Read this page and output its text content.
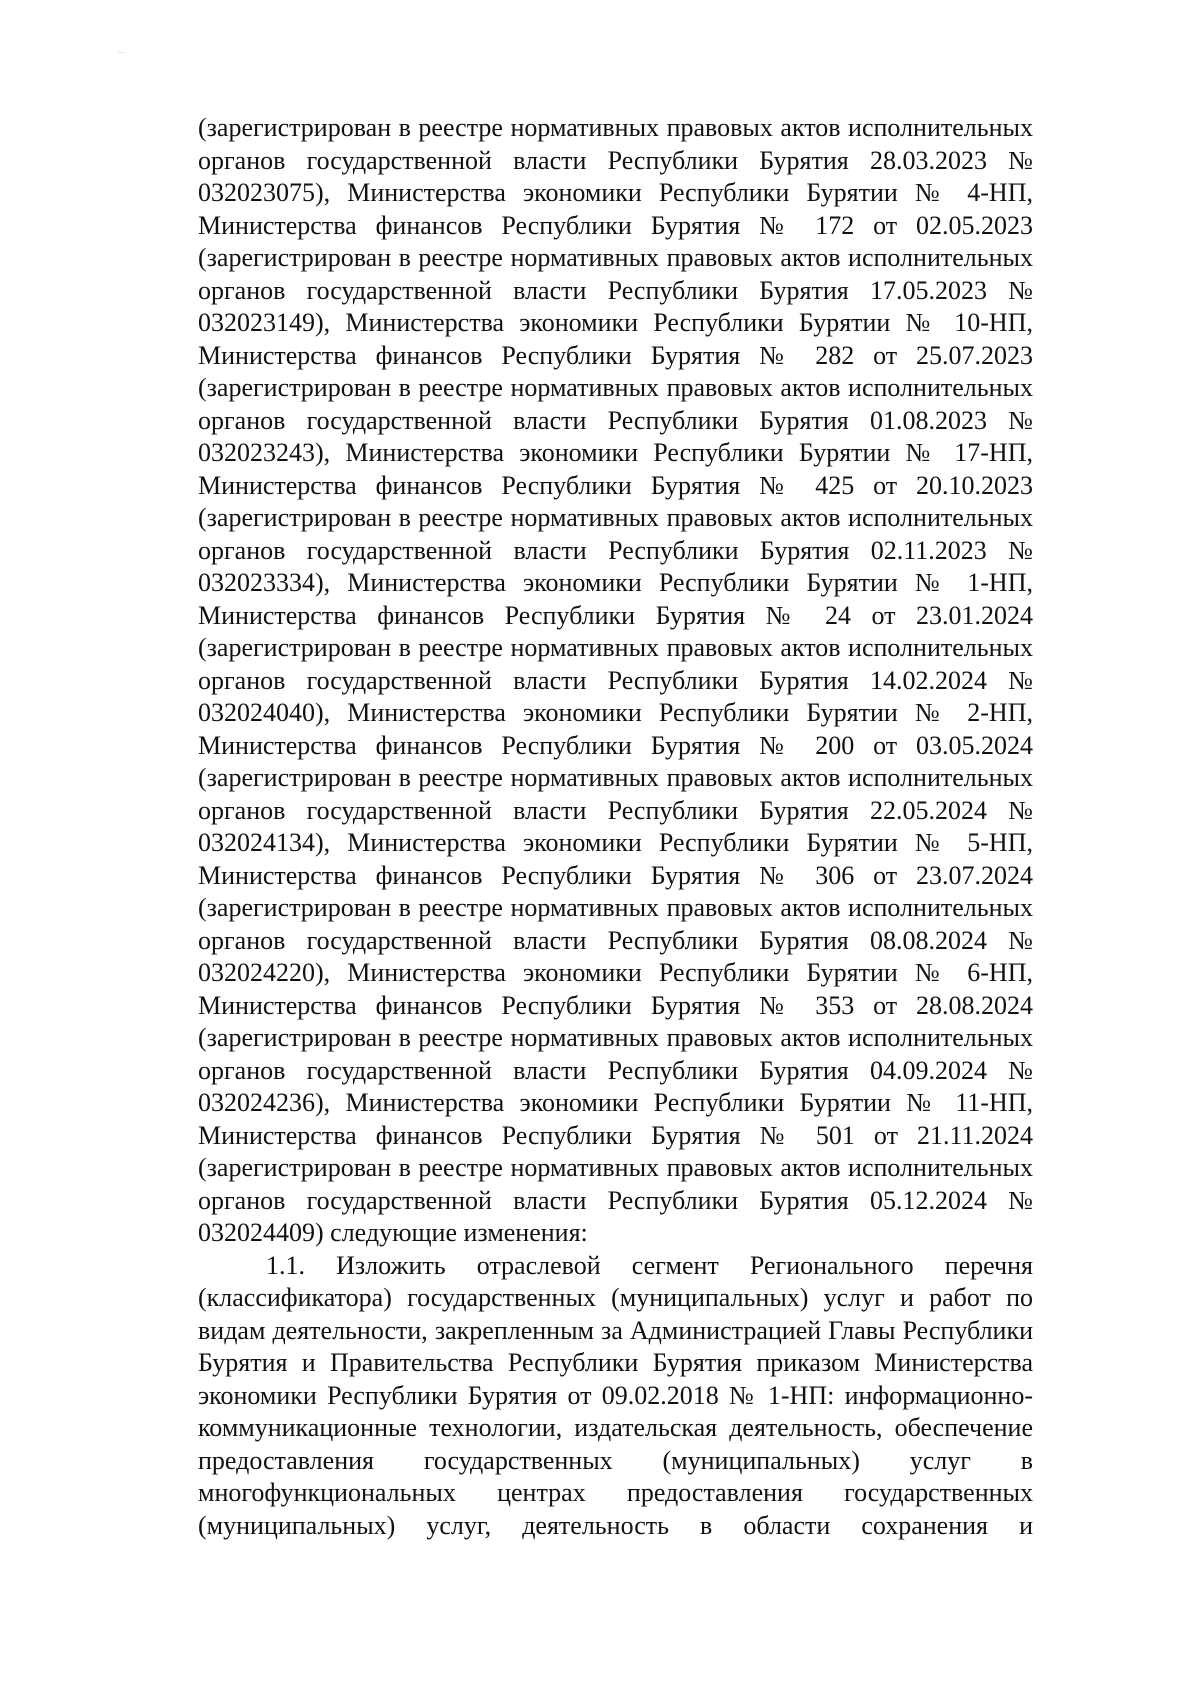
(зарегистрирован в реестре нормативных правовых актов исполнительных
органов государственной власти Республики Бурятия 28.03.2023 №
032023075), Министерства экономики Республики Бурятии № 4-НП,
Министерства финансов Республики Бурятия № 172 от 02.05.2023
(зарегистрирован в реестре нормативных правовых актов исполнительных
органов государственной власти Республики Бурятия 17.05.2023 №
032023149), Министерства экономики Республики Бурятии № 10-НП,
Министерства финансов Республики Бурятия № 282 от 25.07.2023
(зарегистрирован в реестре нормативных правовых актов исполнительных
органов государственной власти Республики Бурятия 01.08.2023 №
032023243), Министерства экономики Республики Бурятии № 17-НП,
Министерства финансов Республики Бурятия № 425 от 20.10.2023
(зарегистрирован в реестре нормативных правовых актов исполнительных
органов государственной власти Республики Бурятия 02.11.2023 №
032023334), Министерства экономики Республики Бурятии № 1-НП,
Министерства финансов Республики Бурятия № 24 от 23.01.2024
(зарегистрирован в реестре нормативных правовых актов исполнительных
органов государственной власти Республики Бурятия 14.02.2024 №
032024040), Министерства экономики Республики Бурятии № 2-НП,
Министерства финансов Республики Бурятия № 200 от 03.05.2024
(зарегистрирован в реестре нормативных правовых актов исполнительных
органов государственной власти Республики Бурятия 22.05.2024 №
032024134), Министерства экономики Республики Бурятии № 5-НП,
Министерства финансов Республики Бурятия № 306 от 23.07.2024
(зарегистрирован в реестре нормативных правовых актов исполнительных
органов государственной власти Республики Бурятия 08.08.2024 №
032024220), Министерства экономики Республики Бурятии № 6-НП,
Министерства финансов Республики Бурятия № 353 от 28.08.2024
(зарегистрирован в реестре нормативных правовых актов исполнительных
органов государственной власти Республики Бурятия 04.09.2024 №
032024236), Министерства экономики Республики Бурятии № 11-НП,
Министерства финансов Республики Бурятия № 501 от 21.11.2024
(зарегистрирован в реестре нормативных правовых актов исполнительных
органов государственной власти Республики Бурятия 05.12.2024 №
032024409) следующие изменения:
1.1. Изложить отраслевой сегмент Регионального перечня
(классификатора) государственных (муниципальных) услуг и работ по
видам деятельности, закрепленным за Администрацией Главы Республики
Бурятия и Правительства Республики Бурятия приказом Министерства
экономики Республики Бурятия от 09.02.2018 № 1-НП: информационно-
коммуникационные технологии, издательская деятельность, обеспечение
предоставления государственных (муниципальных) услуг в
многофункциональных центрах предоставления государственных
(муниципальных) услуг, деятельность в области сохранения и
